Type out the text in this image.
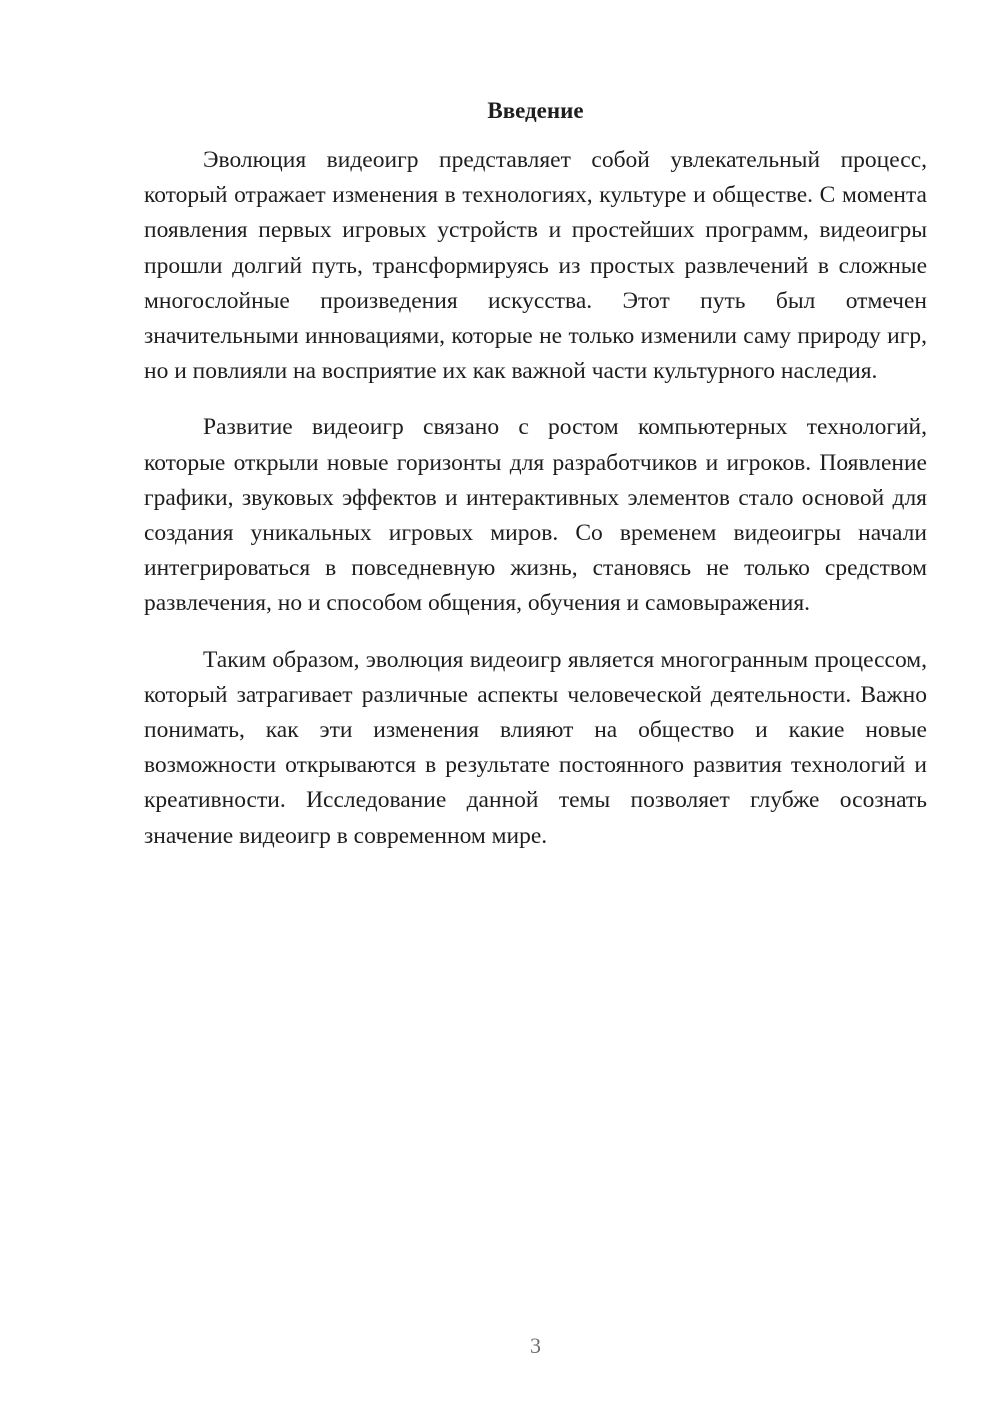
Введение

Эволюция видеоигр представляет собой увлекательный процесс, который отражает изменения в технологиях, культуре и обществе. С момента появления первых игровых устройств и простейших программ, видеоигры прошли долгий путь, трансформируясь из простых развлечений в сложные многослойные произведения искусства. Этот путь был отмечен значительными инновациями, которые не только изменили саму природу игр, но и повлияли на восприятие их как важной части культурного наследия.

Развитие видеоигр связано с ростом компьютерных технологий, которые открыли новые горизонты для разработчиков и игроков. Появление графики, звуковых эффектов и интерактивных элементов стало основой для создания уникальных игровых миров. Со временем видеоигры начали интегрироваться в повседневную жизнь, становясь не только средством развлечения, но и способом общения, обучения и самовыражения.

Таким образом, эволюция видеоигр является многогранным процессом, который затрагивает различные аспекты человеческой деятельности. Важно понимать, как эти изменения влияют на общество и какие новые возможности открываются в результате постоянного развития технологий и креативности. Исследование данной темы позволяет глубже осознать значение видеоигр в современном мире.

3
